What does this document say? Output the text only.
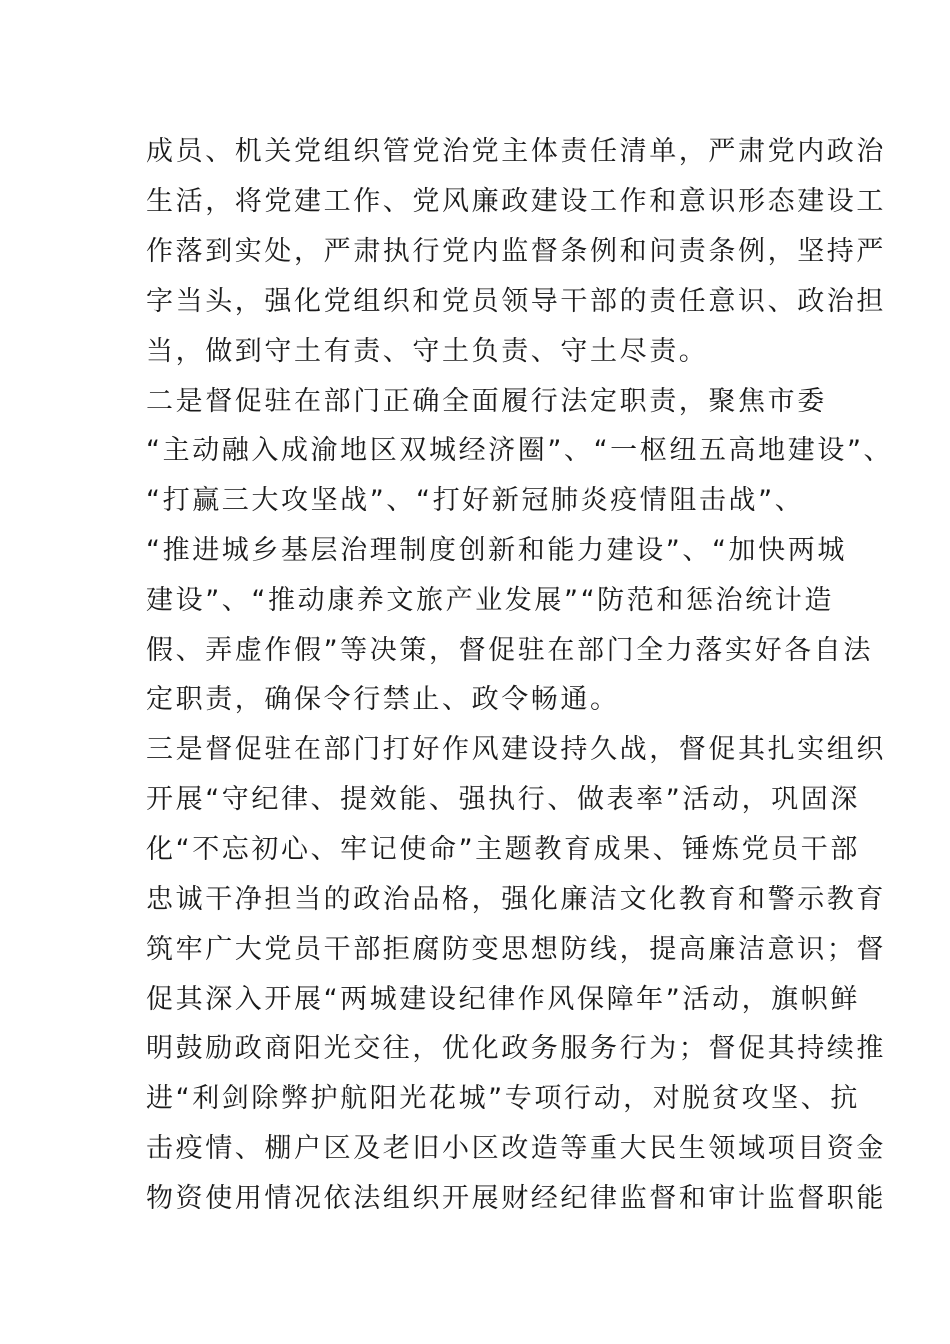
成员、机关党组织管党治党主体责任清单，严肃党内政治
生活，将党建工作、党风廉政建设工作和意识形态建设工
作落到实处，严肃执行党内监督条例和问责条例，坚持严
字当头，强化党组织和党员领导干部的责任意识、政治担
当，做到守土有责、守土负责、守土尽责。
二是督促驻在部门正确全面履行法定职责，聚焦市委
“主动融入成渝地区双城经济圈”、“一枢纽五高地建设”、
“打赢三大攻坚战”、“打好新冠肺炎疫情阻击战”、
“推进城乡基层治理制度创新和能力建设”、“加快两城
建设”、“推动康养文旅产业发展”“防范和惩治统计造
假、弄虚作假”等决策，督促驻在部门全力落实好各自法
定职责，确保令行禁止、政令畅通。
三是督促驻在部门打好作风建设持久战，督促其扎实组织
开展“守纪律、提效能、强执行、做表率”活动，巩固深
化“不忘初心、牢记使命”主题教育成果、锤炼党员干部
忠诚干净担当的政治品格，强化廉洁文化教育和警示教育
筑牢广大党员干部拒腐防变思想防线，提高廉洁意识；督
促其深入开展“两城建设纪律作风保障年”活动，旗帜鲜
明鼓励政商阳光交往，优化政务服务行为；督促其持续推
进“利剑除弊护航阳光花城”专项行动，对脱贫攻坚、抗
击疫情、棚户区及老旧小区改造等重大民生领域项目资金
物资使用情况依法组织开展财经纪律监督和审计监督职能
